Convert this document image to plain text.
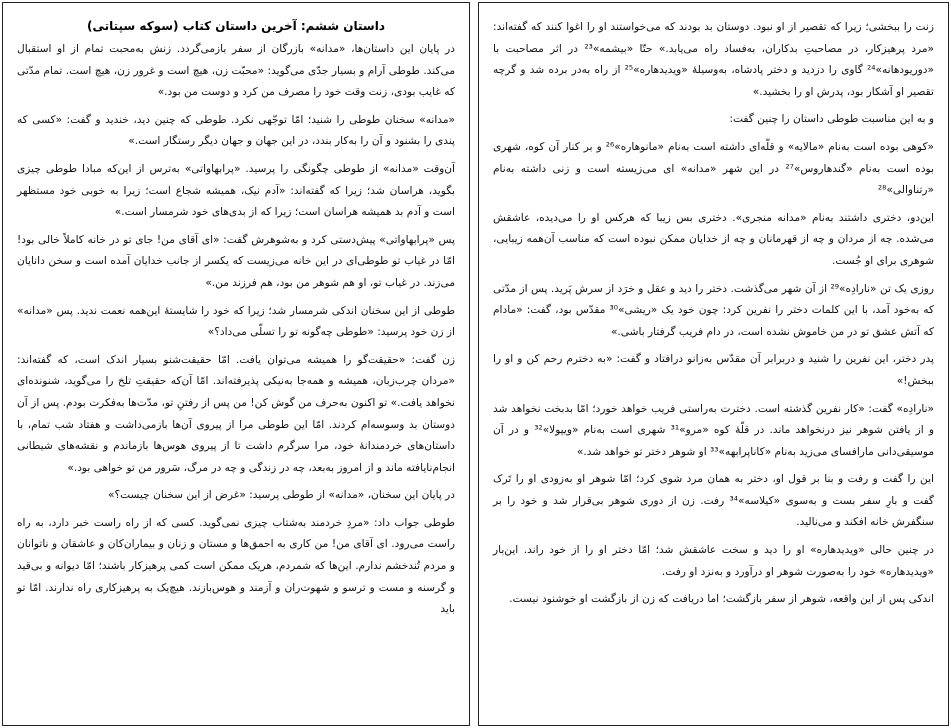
داستان ششم: آخرین داستان کتاب (سوکه سپتاتی)

در پایان این داستان‌ها، «مدانه» بازرگان از سفر بازمی‌گردد. زنش به‌محبت تمام از او استقبال می‌کند. طوطی آرام و بسیار جدّی می‌گوید: «محبّت زن، هیچ است و غرور زن، هیچ است. تمام مدّتی که غایب بودی، زنت وقت خود را مصرف من کرد و دوست من بود.»

«مدانه» سخنان طوطی را شنید؛ امّا توجّهی نکرد. طوطی که چنین دید، خندید و گفت: «کسی که پندی را بشنود و آن را به‌کار بندد، در این جهان و جهان دیگر رستگار است.»

آن‌وقت «مدانه» از طوطی چگونگی را پرسید. «پرابهاواتی» به‌ترس از این‌که مبادا طوطی چیزی بگوید، هراسان شد؛ زیرا که گفته‌اند: «آدم نیک، همیشه شجاع است؛ زیرا به خوبی خود مستظهر است و آدم بد همیشه هراسان است؛ زیرا که از بدی‌های خود شرمسار است.»

پس «پرابهاواتی» پیش‌دستی کرد و به‌شوهرش گفت: «ای آقای من! جای تو در خانه کاملاً خالی بود! امّا در غیاب تو طوطی‌ای در این خانه می‌زیست که یکسر از جانب خدایان آمده است و سخن دانایان می‌زند. در غیاب تو، او هم شوهر من بود، هم فرزند من.»

طوطی از این سخنان اندکی شرمسار شد؛ زیرا که خود را شایستهٔ این‌همه نعمت ندید. پس «مدانه» از زن خود پرسید: «طوطی چه‌گونه تو را تسلّی می‌داد؟»

زن گفت: «حقیقت‌گو را همیشه می‌توان یافت. امّا حقیقت‌شنو بسیار اندک است، که گفته‌اند: «مردان چرب‌زبان، همیشه و همه‌جا به‌نیکی پذیرفته‌اند. امّا آن‌که حقیقتِ تلخ را می‌گوید، شنونده‌ای نخواهد یافت.» تو اکنون به‌حرف من گوش کن! من پس از رفتنِ تو، مدّت‌ها به‌فکرت بودم. پس از آن دوستان بد وسوسه‌ام کردند. امّا این طوطی مرا از پیروی آن‌ها بازمی‌داشت و هفتاد شب تمام، با داستان‌های خردمندانهٔ خود، مرا سرگرم داشت تا از پیروی هوس‌ها بازماندم و نقشه‌های شیطانی انجام‌نایافته ماند و از امروز به‌بعد، چه در زندگی و چه در مرگ، سَرور من تو خواهی بود.»

در پایان این سخنان، «مدانه» از طوطی پرسید: «غرض از این سخنان چیست؟»

طوطی جواب داد: «مردِ خردمند به‌شتاب چیزی نمی‌گوید. کسی که از راه راست خبر دارد، به راه راست می‌رود. ای آقای من! من کاری به احمق‌ها و مستان و زنان و بیماران‌کان و عاشقان و ناتوانان و مردم تُندخشم ندارم. این‌ها که شمردم، هریک ممکن است کمی پرهیزکار باشند؛ امّا دیوانه و بی‌قید و گرسنه و مست و ترسو و شهوت‌ران و آزمند و هوس‌بازند. هیچ‌یک به پرهیزکاری راه ندارند. امّا تو باید

زنت را ببخشی؛ زیرا که تقصیر از او نبود. دوستان بد بودند که می‌خواستند او را اغوا کنند که گفته‌اند: «مرد پرهیزکار، در مصاحبتِ بدکاران، به‌فساد راه می‌یابد.» حتّا «بیشمه»²³ در اثر مصاحبت با «دوریودهانه»²⁴ گاوی را دزدید و دختر پادشاه، به‌وسیلهٔ «ویدیدهاره»²⁵ از راه به‌در برده شد و گرچه تقصیر او آشکار بود، پدرش او را بخشید.»

و به این مناسبت طوطی داستان را چنین گفت:

«کوهی بوده است به‌نام «مالایه» و قلّه‌ای داشته است به‌نام «مانوهاره»²⁶ و بر کنار آن کوه، شهری بوده است به‌نام «گندهاروس»²⁷ در این شهر «مدانه» ای می‌زیسته است و زنی داشته به‌نام «رتناوالی»²⁸

این‌دو، دختری داشتند به‌نام «مدانه منجری». دختری بس زیبا که هرکس او را می‌دیده، عاشقش می‌شده. چه از مردان و چه از قهرمانان و چه از خدایان ممکن نبوده است که مناسب آن‌همه زیبایی، شوهری برای او جُست.

روزی یک تن «نارادِه»²⁹ از آن شهر می‌گذشت. دختر را دید و عقل و خرَد از سرش پَرید. پس از مدّتی که به‌خود آمد، با این کلمات دختر را نفرین کرد: چون خود یک «ریشی»³⁰ مقدّس بود، گفت: «مادام که آتش عشق تو در من خاموش نشده است، در دام فریب گرفتار باشی.»

پدر دختر، این نفرین را شنید و دربرابر آن مقدّس به‌زانو درافتاد و گفت: «به دخترم رحم کن و او را ببخش!»

«نارادِه» گفت: «کار نفرین گذشته است. دخترت به‌راستی فریب خواهد خورد؛ امّا بدبخت نخواهد شد و از یافتن شوهر نیز درنخواهد ماند. در قلّهٔ کوه «مرو»³¹ شهری است به‌نام «ویپولا»³² و در آن موسیقی‌دانی مارافسای می‌زید به‌نام «کاناپرابهه»³³ او شوهر دختر تو خواهد شد.»

این را گفت و رفت و بنا بر قول او، دختر به همان مرد شوی کرد؛ امّا شوهر او به‌زودی او را تَرک گفت و بارِ سفر بست و به‌سوی «کیلاسه»³⁴ رفت. زن از دوری شوهر بی‌قرار شد و خود را بر سنگفرش خانه افکند و می‌نالید.

در چنین حالی «ویدیدهاره» او را دید و سخت عاشقش شد؛ امّا دختر او را از خود راند. این‌بار «ویدیدهاره» خود را به‌صورت شوهر او درآورد و به‌نزد او رفت.

اندکی پس از این واقعه، شوهر از سفر بازگشت؛ اما دریافت که زن از بازگشت او خوشنود نیست.
